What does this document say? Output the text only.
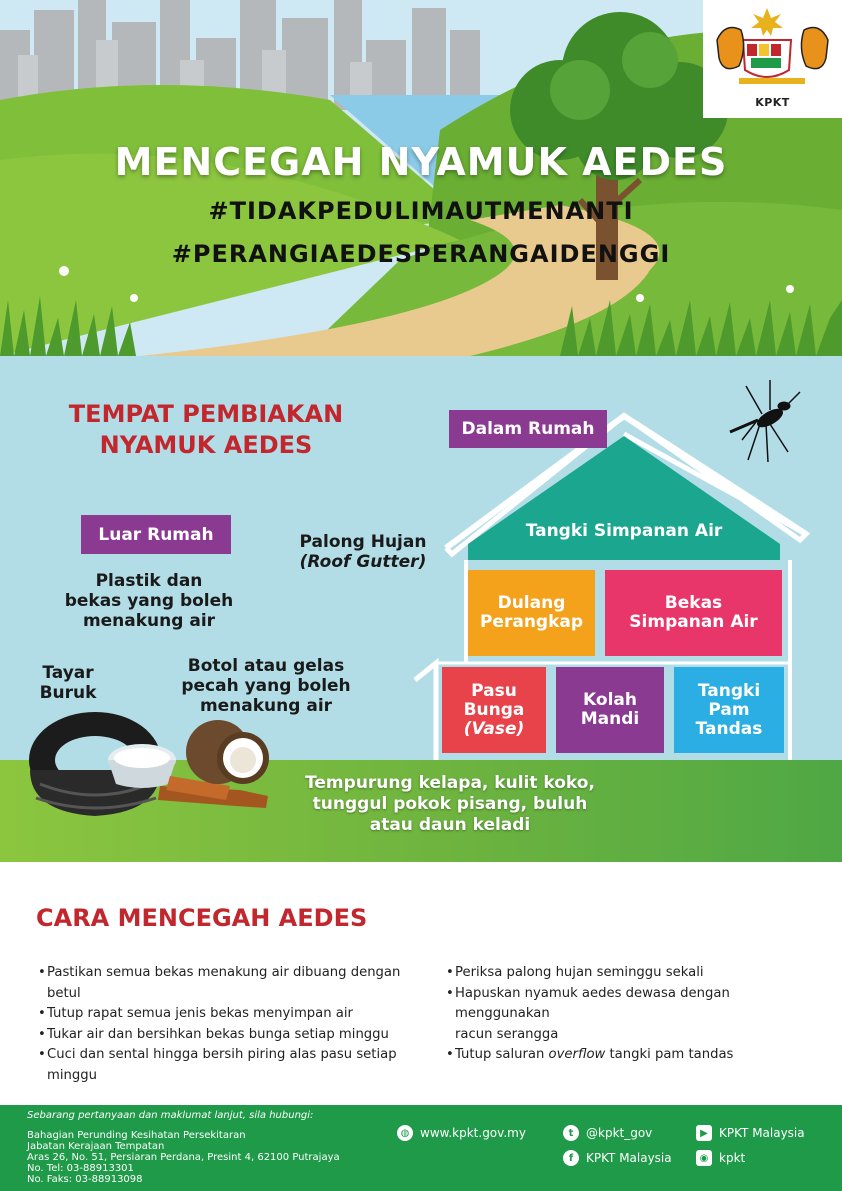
KPKT
MENCEGAH NYAMUK AEDES
#TIDAKPEDULIMAUTMENANTI
#PERANGIAEDESPERANGAIDENGGI
TEMPAT PEMBIAKAN
NYAMUK AEDES
Dalam Rumah
Luar Rumah	Palong Hujan
(Roof Gutter)
Plastik dan
bekas yang boleh
menakung air
Tayar
Buruk
Botol atau gelas
pecah yang boleh
menakung air
Tangki Simpanan Air
Dulang
Perangkap
Bekas
Simpanan Air
Pasu
Bunga
(Vase)
Kolah
Mandi
Tangki
Pam
Tandas
Tempurung kelapa, kulit koko,
tunggul pokok pisang, buluh
atau daun keladi
CARA MENCEGAH AEDES
• Pastikan semua bekas menakung air dibuang dengan betul
• Tutup rapat semua jenis bekas menyimpan air
• Tukar air dan bersihkan bekas bunga setiap minggu
• Cuci dan sental hingga bersih piring alas pasu setiap minggu
• Periksa palong hujan seminggu sekali
• Hapuskan nyamuk aedes dewasa dengan menggunakan
racun serangga
• Tutup saluran overflow tangki pam tandas
Sebarang pertanyaan dan maklumat lanjut, sila hubungi:
Bahagian Perunding Kesihatan Persekitaran
Jabatan Kerajaan Tempatan
Aras 26, No. 51, Persiaran Perdana, Presint 4, 62100 Putrajaya
No. Tel: 03-88913301
No. Faks: 03-88913098
◍ www.kpkt.gov.my	t	@kpkt_gov
f	KPKT Malaysia
▶ KPKT Malaysia
◉ kpkt
